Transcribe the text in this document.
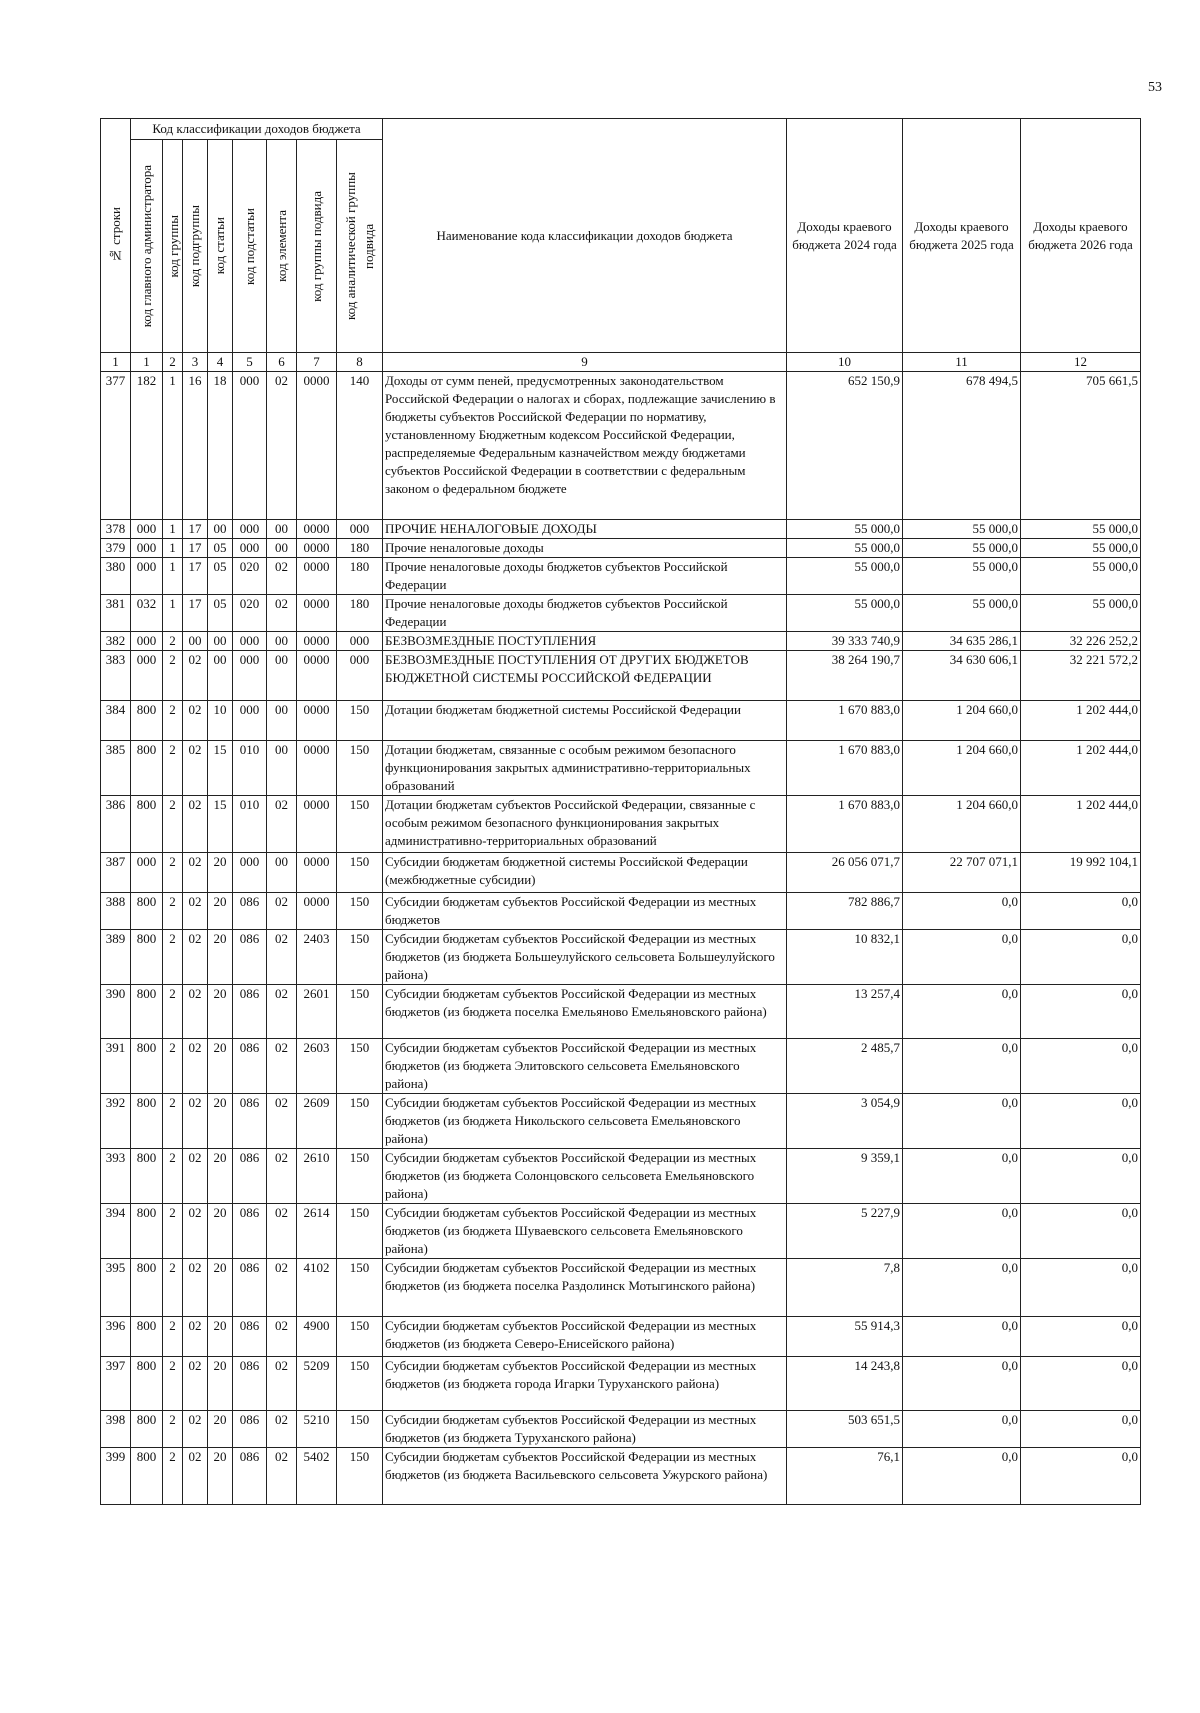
53
№ строки	Код классификации доходов бюджета								Наименование кода классификации доходов бюджета	Доходы краевого бюджета 2024 года	Доходы краевого бюджета 2025 года	Доходы краевого бюджета 2026 года

	код главного администратора	код группы	код подгруппы	код статьи	код подстатьи	код элемента	код группы подвида	код аналитической группы подвида				

1	1	2	3	4	5	6	7	8	9	10	11	12
377	182	1	16	18	000	02	0000	140	Доходы от сумм пеней, предусмотренных законодательством Российской Федерации о налогах и сборах, подлежащие зачислению в бюджеты субъектов Российской Федерации по нормативу, установленному Бюджетным кодексом Российской Федерации, распределяемые Федеральным казначейством между бюджетами субъектов Российской Федерации в соответствии с федеральным законом о федеральном бюджете	652 150,9	678 494,5	705 661,5
378	000	1	17	00	000	00	0000	000	ПРОЧИЕ НЕНАЛОГОВЫЕ ДОХОДЫ	55 000,0	55 000,0	55 000,0
379	000	1	17	05	000	00	0000	180	Прочие неналоговые доходы	55 000,0	55 000,0	55 000,0
380	000	1	17	05	020	02	0000	180	Прочие неналоговые доходы бюджетов субъектов Российской Федерации	55 000,0	55 000,0	55 000,0
381	032	1	17	05	020	02	0000	180	Прочие неналоговые доходы бюджетов субъектов Российской Федерации	55 000,0	55 000,0	55 000,0
382	000	2	00	00	000	00	0000	000	БЕЗВОЗМЕЗДНЫЕ ПОСТУПЛЕНИЯ	39 333 740,9	34 635 286,1	32 226 252,2
383	000	2	02	00	000	00	0000	000	БЕЗВОЗМЕЗДНЫЕ ПОСТУПЛЕНИЯ ОТ ДРУГИХ БЮДЖЕТОВ БЮДЖЕТНОЙ СИСТЕМЫ РОССИЙСКОЙ ФЕДЕРАЦИИ	38 264 190,7	34 630 606,1	32 221 572,2
384	800	2	02	10	000	00	0000	150	Дотации бюджетам бюджетной системы Российской Федерации	1 670 883,0	1 204 660,0	1 202 444,0
385	800	2	02	15	010	00	0000	150	Дотации бюджетам, связанные с особым режимом безопасного функционирования закрытых административно-территориальных образований	1 670 883,0	1 204 660,0	1 202 444,0
386	800	2	02	15	010	02	0000	150	Дотации бюджетам субъектов Российской Федерации, связанные с особым режимом безопасного функционирования закрытых административно-территориальных образований	1 670 883,0	1 204 660,0	1 202 444,0
387	000	2	02	20	000	00	0000	150	Субсидии бюджетам бюджетной системы Российской Федерации (межбюджетные субсидии)	26 056 071,7	22 707 071,1	19 992 104,1
388	800	2	02	20	086	02	0000	150	Субсидии бюджетам субъектов Российской Федерации из местных бюджетов	782 886,7	0,0	0,0
389	800	2	02	20	086	02	2403	150	Субсидии бюджетам субъектов Российской Федерации из местных бюджетов (из бюджета Большеулуйского сельсовета Большеулуйского района)	10 832,1	0,0	0,0
390	800	2	02	20	086	02	2601	150	Субсидии бюджетам субъектов Российской Федерации из местных бюджетов (из бюджета поселка Емельяново Емельяновского района)	13 257,4	0,0	0,0
391	800	2	02	20	086	02	2603	150	Субсидии бюджетам субъектов Российской Федерации из местных бюджетов (из бюджета Элитовского сельсовета Емельяновского района)	2 485,7	0,0	0,0
392	800	2	02	20	086	02	2609	150	Субсидии бюджетам субъектов Российской Федерации из местных бюджетов (из бюджета Никольского сельсовета Емельяновского района)	3 054,9	0,0	0,0
393	800	2	02	20	086	02	2610	150	Субсидии бюджетам субъектов Российской Федерации из местных бюджетов (из бюджета Солонцовского сельсовета Емельяновского района)	9 359,1	0,0	0,0
394	800	2	02	20	086	02	2614	150	Субсидии бюджетам субъектов Российской Федерации из местных бюджетов (из бюджета Шуваевского сельсовета Емельяновского района)	5 227,9	0,0	0,0
395	800	2	02	20	086	02	4102	150	Субсидии бюджетам субъектов Российской Федерации из местных бюджетов (из бюджета поселка Раздолинск Мотыгинского района)	7,8	0,0	0,0
396	800	2	02	20	086	02	4900	150	Субсидии бюджетам субъектов Российской Федерации из местных бюджетов (из бюджета Северо-Енисейского района)	55 914,3	0,0	0,0
397	800	2	02	20	086	02	5209	150	Субсидии бюджетам субъектов Российской Федерации из местных бюджетов (из бюджета города Игарки Туруханского района)	14 243,8	0,0	0,0
398	800	2	02	20	086	02	5210	150	Субсидии бюджетам субъектов Российской Федерации из местных бюджетов (из бюджета Туруханского района)	503 651,5	0,0	0,0
399	800	2	02	20	086	02	5402	150	Субсидии бюджетам субъектов Российской Федерации из местных бюджетов (из бюджета Васильевского сельсовета Ужурского района)	76,1	0,0	0,0
